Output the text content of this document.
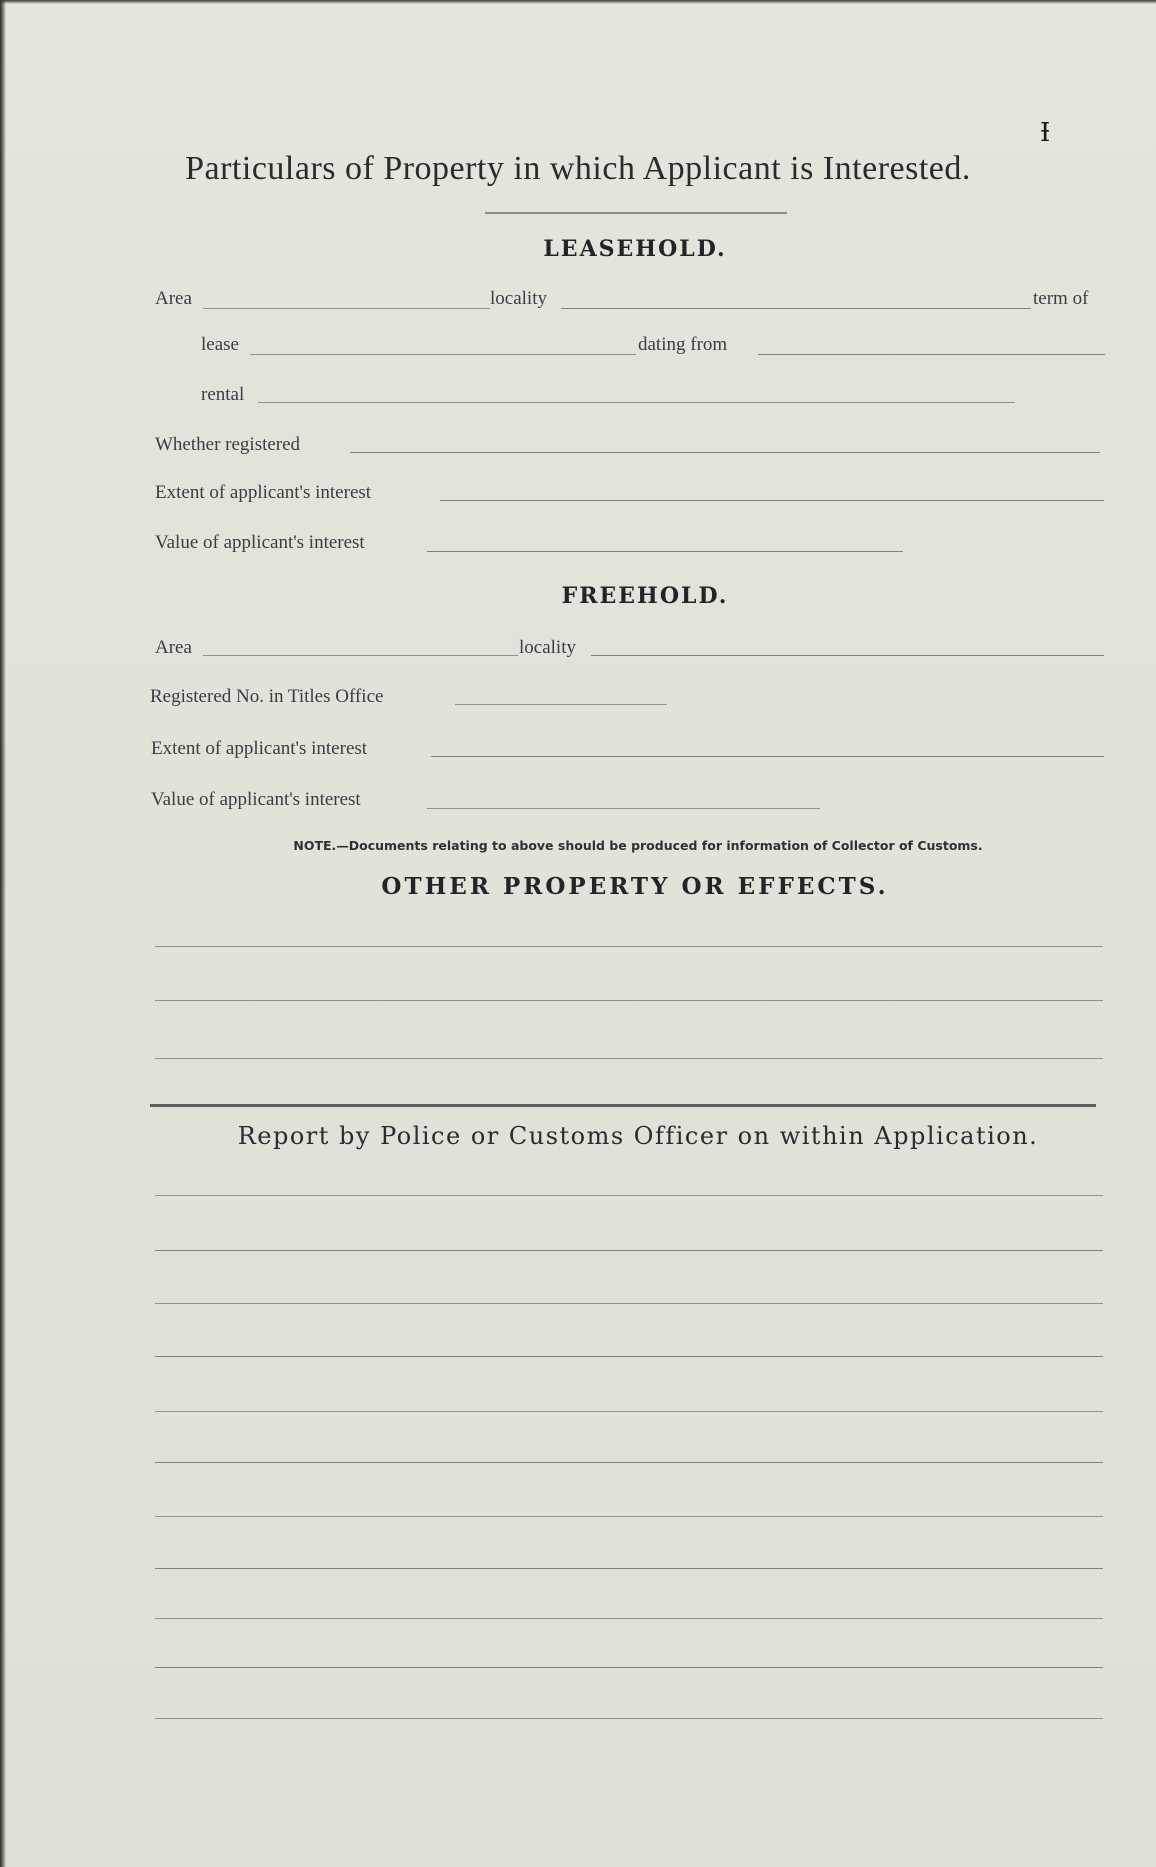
Ɨ
Particulars of Property in which Applicant is Interested.
LEASEHOLD.
Area	locality	term of
lease	dating from
rental
Whether registered
Extent of applicant's interest
Value of applicant's interest
FREEHOLD.
Area	locality
Registered No. in Titles Office
Extent of applicant's interest
Value of applicant's interest
NOTE.—Documents relating to above should be produced for information of Collector of Customs.
OTHER PROPERTY OR EFFECTS.
Report by Police or Customs Officer on within Application.
